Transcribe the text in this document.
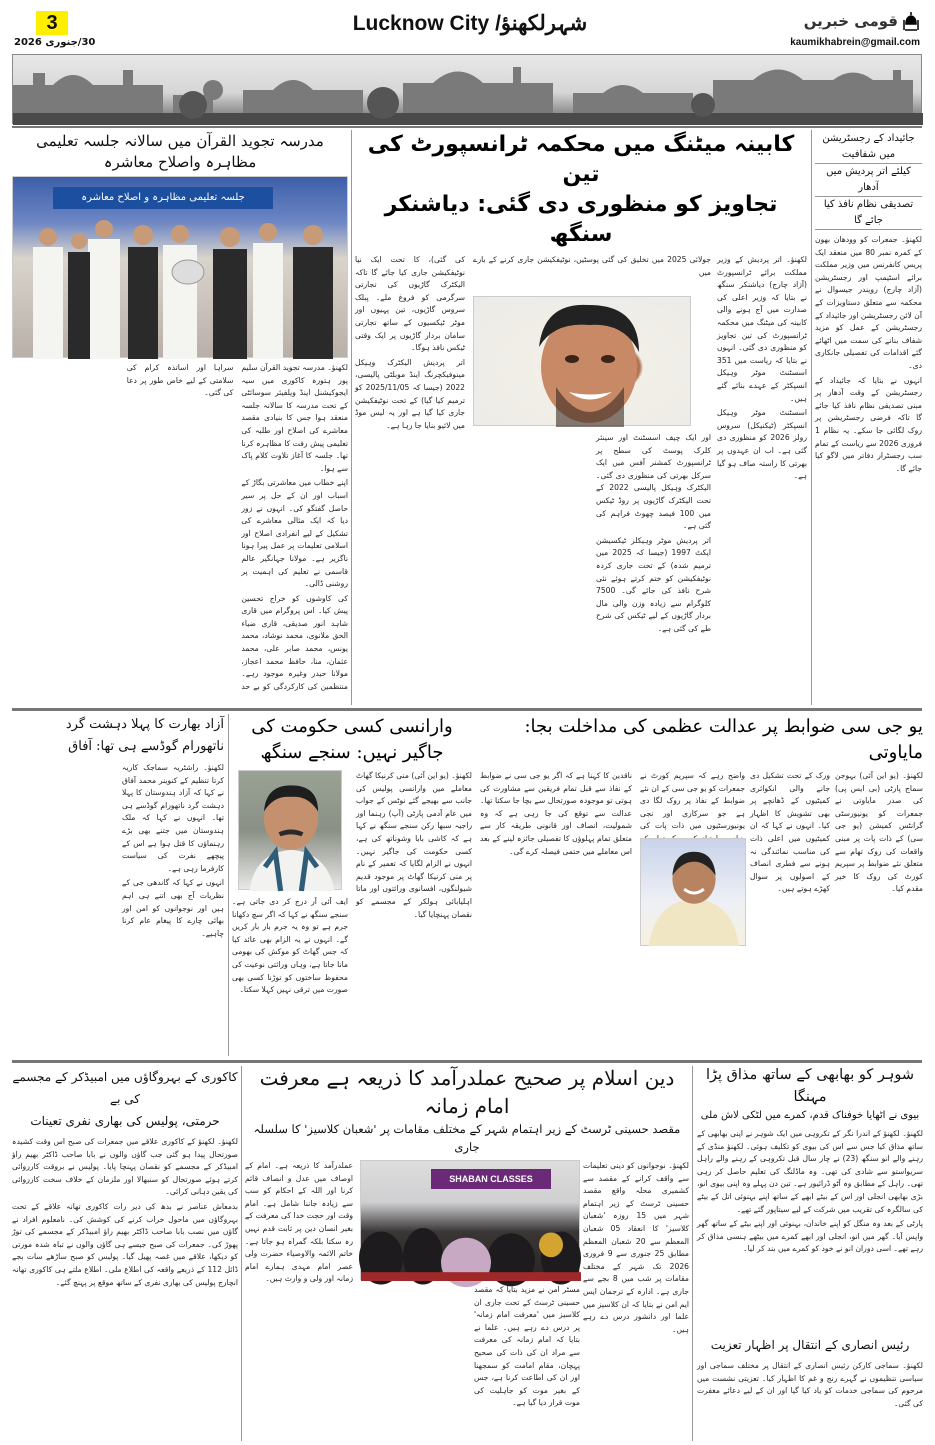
3
30/جنوری 2026
شہرلکھنؤ/ Lucknow City	قومی خبریں
kaumikhabrein@gmail.com
جائیداد کے رجسٹریشن میں شفافیت
کیلئے اتر پردیش میں آدھار
تصدیقی نظام نافذ کیا جائے گا

لکھنؤ۔ جمعرات کو وودھان بھون کے کمرہ نمبر 80 میں منعقد ایک پریس کانفرنس میں وزیر مملکت برائے اسٹیمپ اور رجسٹریشن (آزاد چارج) رویندر جیسوال نے محکمہ سے متعلق دستاویزات کے آن لائن رجسٹریشن اور جائیداد کے رجسٹریشن کے عمل کو مزید شفاف بنانے کی سمت میں اٹھائے گئے اقدامات کی تفصیلی جانکاری دی۔

انہوں نے بتایا کہ جائیداد کے رجسٹریشن کے وقت آدھار پر مبنی تصدیقی نظام نافذ کیا جائے گا تاکہ فرضی رجسٹریشن پر روک لگائی جا سکے۔ یہ نظام 1 فروری 2026 سے ریاست کے تمام سب رجسٹرار دفاتر میں لاگو کیا جائے گا۔

کابینہ میٹنگ میں محکمہ ٹرانسپورٹ کی تین
تجاویز کو منظوری دی گئی: دیاشنکر سنگھ

لکھنؤ۔ اتر پردیش کے وزیر مملکت برائے ٹرانسپورٹ (آزاد چارج) دیاشنکر سنگھ نے بتایا کہ وزیر اعلی کی صدارت میں آج ہونے والی کابینہ کی میٹنگ میں محکمہ ٹرانسپورٹ کی تین تجاویز کو منظوری دی گئی۔ انہوں نے بتایا کہ ریاست میں 351 اسسٹنٹ موٹر وہیکل انسپکٹر کے عہدے بنائے گئے ہیں۔

اسسٹنٹ موٹر وہیکل انسپکٹر (ٹیکنیکل) سروس رولز 2026 کو منظوری دی گئی ہے۔ اب ان عہدوں پر بھرتی کا راستہ صاف ہو گیا ہے۔

جولائی 2025 میں تخلیق کی گئی پوسٹیں، نوٹیفکیشن جاری کرنے کے بارے میں

اور ایک چیف اسسٹنٹ اور سینئر کلرک پوسٹ کی سطح پر ٹرانسپورٹ کمشنر آفس میں ایک سرکل بھرتی کی منظوری دی گئی۔ الیکٹرک وہیکل پالیسی 2022 کے تحت الیکٹرک گاڑیوں پر روڈ ٹیکس میں 100 فیصد چھوٹ فراہم کی گئی ہے۔

اتر پردیش موٹر وہیکلز ٹیکسیشن ایکٹ 1997 (جیسا کہ 2025 میں ترمیم شدہ) کے تحت جاری کردہ نوٹیفکیشن کو ختم کرتے ہوئے نئی شرح نافذ کی جائے گی۔ 7500 کلوگرام سے زیادہ وزن والی مال بردار گاڑیوں کے لیے ٹیکس کی شرح طے کی گئی ہے۔

کی گئی)، کا تحت ایک نیا نوٹیفکیشن جاری کیا جائے گا تاکہ الیکٹرک گاڑیوں کی تجارتی سرگرمی کو فروغ ملے۔ پبلک سروس گاڑیوں، تین پہیوں اور موٹر ٹیکسیوں کے ساتھ تجارتی سامان بردار گاڑیوں پر ایک وقتی ٹیکس نافذ ہوگا۔

اتر پردیش الیکٹرک وہیکل مینوفیکچرنگ اینڈ موبلٹی پالیسی، 2022 (جیسا کہ 2025/11/05 کو ترمیم کیا گیا) کے تحت نوٹیفکیشن جاری کیا گیا ہے اور یہ لیس موڈ میں لائیو بنایا جا رہا ہے۔

مدرسہ تجوید القرآن میں سالانہ جلسہ تعلیمی مظاہرہ واصلاح معاشرہ
جلسہ تعلیمی مظاہرہ و اصلاح معاشرہ

لکھنؤ۔ مدرسہ تجوید القرآن سلیم پور ہتورہ کاکوری میں سیہ ایجوکیشنل اینڈ ویلفیئر سوسائٹی کے تحت مدرسہ کا سالانہ جلسہ منعقد ہوا جس کا بنیادی مقصد معاشرے کی اصلاح اور طلبہ کی تعلیمی پیش رفت کا مظاہرہ کرنا تھا۔ جلسہ کا آغاز تلاوت کلام پاک سے ہوا۔

اپنے خطاب میں معاشرتی بگاڑ کے اسباب اور ان کے حل پر سیر حاصل گفتگو کی۔ انہوں نے زور دیا کہ ایک مثالی معاشرے کی تشکیل کے لیے انفرادی اصلاح اور اسلامی تعلیمات پر عمل پیرا ہونا ناگزیر ہے۔ مولانا جہانگیر عالم قاسمی نے تعلیم کی اہمیت پر روشنی ڈالی۔

کی کاوشوں کو خراج تحسین پیش کیا۔ اس پروگرام میں قاری شاہد انور صدیقی، قاری ضیاء الحق ملانوی، محمد نوشاد، محمد یونس، محمد صابر علی، محمد عثمان، منا، حافظ محمد اعجاز، مولانا حیدر وغیرہ موجود رہے۔ منتظمین کی کارکردگی کو بے حد سراہا اور اساتذہ کرام کی سلامتی کے لیے خاص طور پر دعا کی گئی۔

آزاد بھارت کا پہلا دہشت گرد
ناتھورام گوڈسے ہی تھا: آفاق

لکھنؤ۔ راشٹریہ سماجک کاریہ کرتا تنظیم کے کنوینر محمد آفاق نے کہا کہ آزاد ہندوستان کا پہلا دہشت گرد ناتھورام گوڈسے ہی تھا۔ انہوں نے کہا کہ ملک ہندوستان میں جتنے بھی بڑے رہنماؤں کا قتل ہوا ہے اس کے پیچھے نفرت کی سیاست کارفرما رہی ہے۔

انہوں نے کہا کہ گاندھی جی کے نظریات آج بھی اتنے ہی اہم ہیں اور نوجوانوں کو امن اور بھائی چارے کا پیغام عام کرنا چاہیے۔

وارانسی کسی حکومت کی جاگیر نہیں: سنجے سنگھ

لکھنؤ۔ (یو این آئی) منی کرنیکا گھاٹ معاملے میں وارانسی پولیس کی جانب سے بھیجے گئے نوٹس کے جواب میں عام آدمی پارٹی (آپ) رہنما اور راجیہ سبھا رکن سنجے سنگھ نے کہا ہے کہ کاشی بابا وشوناتھ کی ہے، کسی حکومت کی جاگیر نہیں۔ انہوں نے الزام لگایا کہ تعمیر کے نام پر منی کرنیکا گھاٹ پر موجود قدیم شیولنگوں، افسانوی وراثتوں اور ماتا اہلیابائی ہولکر کے مجسمے کو نقصان پہنچایا گیا۔

ایف آئی آر درج کر دی جاتی ہے۔ سنجے سنگھ نے کہا کہ اگر سچ دکھانا جرم ہے تو وہ یہ جرم بار بار کریں گے۔ انہوں نے یہ الزام بھی عائد کیا کہ جس گھاٹ کو موکش کی بھومی مانا جاتا ہے، وہاں وراثتی نوعیت کی محفوظ ساختوں کو توڑنا کسی بھی صورت میں ترقی نہیں کہلا سکتا۔

یو جی سی ضوابط پر عدالت عظمی کی مداخلت بجا: مایاوتی

لکھنؤ۔ (یو این آئی) بہوجن سماج پارٹی (بی ایس پی) کی صدر مایاوتی نے جمعرات کو یونیورسٹی گرانٹس کمیشن (یو جی سی) کے ذات پات پر مبنی واقعات کی روک تھام سے متعلق نئے ضوابط پر سپریم کورٹ کی روک کا خیر مقدم کیا۔

ورک کے تحت تشکیل دی جانے والی انکوائری کمیٹیوں کے ڈھانچے پر بھی تشویش کا اظہار کیا۔ انہوں نے کہا کہ ان کمیٹیوں میں اعلی ذات کی مناسب نمائندگی نہ ہونے سے فطری انصاف کے اصولوں پر سوال کھڑے ہوتے ہیں۔

واضح رہے کہ سپریم کورٹ نے جمعرات کو یو جی سی کے ان نئے ضوابط کے نفاذ پر روک لگا دی ہے جو سرکاری اور نجی یونیورسٹیوں میں ذات پات کی

ناقدین کا کہنا ہے کہ اگر یو جی سی نے ضوابط کے نفاذ سے قبل تمام فریقین سے مشاورت کی ہوتی تو موجودہ صورتحال سے بچا جا سکتا تھا۔ عدالت سے توقع کی جا رہی ہے کہ وہ شمولیت، انصاف اور قانونی طریقہ کار سے متعلق تمام پہلوؤں کا تفصیلی جائزہ لینے کے بعد اس معاملے میں حتمی فیصلہ کرے گی۔

کاکوری کے بہروگاؤں میں امبیڈکر کے مجسمے کی بے
حرمتی، پولیس کی بھاری نفری تعینات

لکھنؤ۔ لکھنؤ کے کاکوری علاقے میں جمعرات کی صبح اس وقت کشیدہ صورتحال پیدا ہو گئی جب گاؤں والوں نے بابا صاحب ڈاکٹر بھیم راؤ امبیڈکر کے مجسمے کو نقصان پہنچا پایا۔ پولیس نے بروقت کارروائی کرتے ہوئے صورتحال کو سنبھالا اور ملزمان کے خلاف سخت کارروائی کی یقین دہانی کرائی۔

بدمعاش عناصر نے بدھ کی دیر رات کاکوری تھانہ علاقے کے تحت بہروگاؤں میں ماحول خراب کرنے کی کوشش کی۔ نامعلوم افراد نے گاؤں میں نصب بابا صاحب ڈاکٹر بھیم راؤ امبیڈکر کے مجسمے کی توڑ پھوڑ کی۔ جمعرات کی صبح جیسے ہی گاؤں والوں نے تباہ شدہ مورتی کو دیکھا، علاقے میں غصہ پھیل گیا۔ پولیس کو صبح ساڑھے سات بجے ڈائل 112 کے ذریعے واقعہ کی اطلاع ملی۔ اطلاع ملتے ہی کاکوری تھانہ انچارج پولیس کی بھاری نفری کے ساتھ موقع پر پہنچ گئے۔

دین اسلام پر صحیح عملدرآمد کا ذریعہ ہے معرفت امام زمانہ
مقصد حسینی ٹرسٹ کے زیر اہتمام شہر کے مختلف مقامات پر 'شعبان کلاسیز' کا سلسلہ جاری

لکھنؤ۔ نوجوانوں کو دینی تعلیمات سے واقف کرانے کے مقصد سے کشمیری محلہ واقع مقصد حسینی ٹرسٹ کے زیر اہتمام شہر میں 15 روزہ 'شعبان کلاسیز' کا انعقاد 05 شعبان المعظم سے 20 شعبان المعظم مطابق 25 جنوری سے 9 فروری 2026 تک شہر کے مختلف مقامات پر شب میں 8 بجے سے جاری ہے۔ ادارہ کے ترجمان ایس ایم امن نے بتایا کہ ان کلاسیز میں علما اور دانشور درس دے رہے ہیں۔

SHABAN CLASSES

مسٹر امن نے مزید بتایا کہ مقصد حسینی ٹرسٹ کے تحت جاری ان کلاسیز میں 'معرفت امام زمانہ' پر درس دے رہے ہیں۔ علما نے بتایا کہ امام زمانہ کی معرفت سے مراد ان کی ذات کی صحیح پہچان، مقام امامت کو سمجھنا اور ان کی اطاعت کرنا ہے، جس کے بغیر موت کو جاہلیت کی موت قرار دیا گیا ہے۔

عملدرآمد کا ذریعہ ہے۔ امام کے اوصاف میں عدل و انصاف قائم کرنا اور اللہ کے احکام کو سب سے زیادہ جاننا شامل ہے۔ امام وقت اور حجت خدا کی معرفت کے بغیر انسان دین پر ثابت قدم نہیں رہ سکتا بلکہ گمراہ ہو جاتا ہے۔ خاتم الائمہ والاوصیاء حضرت ولی عصر امام مہدی ہمارے امام زمانہ اور ولی و وارث ہیں۔

شوہر کو بھابھی کے ساتھ مذاق پڑا مہنگا
بیوی نے اٹھایا خوفناک قدم، کمرے میں لٹکی لاش ملی

لکھنؤ۔ لکھنؤ کے اندرا نگر کے تکروہی میں ایک شوہر نے اپنی بھابھی کے ساتھ مذاق کیا جس سے اس کی بیوی کو تکلیف ہوئی۔ لکھنؤ منڈی کے رہنے والے انو سنگھ (23) نے چار سال قبل تکروہی کے رہنے والے راہل سریواستو سے شادی کی تھی۔ وہ ماڈلنگ کی تعلیم حاصل کر رہی تھی۔ راہل کے مطابق وہ آٹو ڈرائیور ہے۔ تین دن پہلے وہ اپنی بیوی انو، بڑی بھابھی انجلی اور اس کے بیٹے ابھے کے ساتھ اپنے بہنوئی اتل کے بیٹے کی سالگرہ کی تقریب میں شرکت کے لیے سیتاپور گئے تھے۔

پارٹی کے بعد وہ منگل کو اپنے خاندان، بہنوئی اور اپنے بیٹے کے ساتھ گھر واپس آیا۔ گھر میں انو، انجلی اور ابھے کمرے میں بیٹھے ہنسی مذاق کر رہے تھے۔ اسی دوران انو نے خود کو کمرے میں بند کر لیا۔

رئیس انصاری کے انتقال پر اظہار تعزیت

لکھنؤ۔ سماجی کارکن رئیس انصاری کے انتقال پر مختلف سماجی اور سیاسی تنظیموں نے گہرے رنج و غم کا اظہار کیا۔ تعزیتی نشست میں مرحوم کی سماجی خدمات کو یاد کیا گیا اور ان کے لیے دعائے مغفرت کی گئی۔
